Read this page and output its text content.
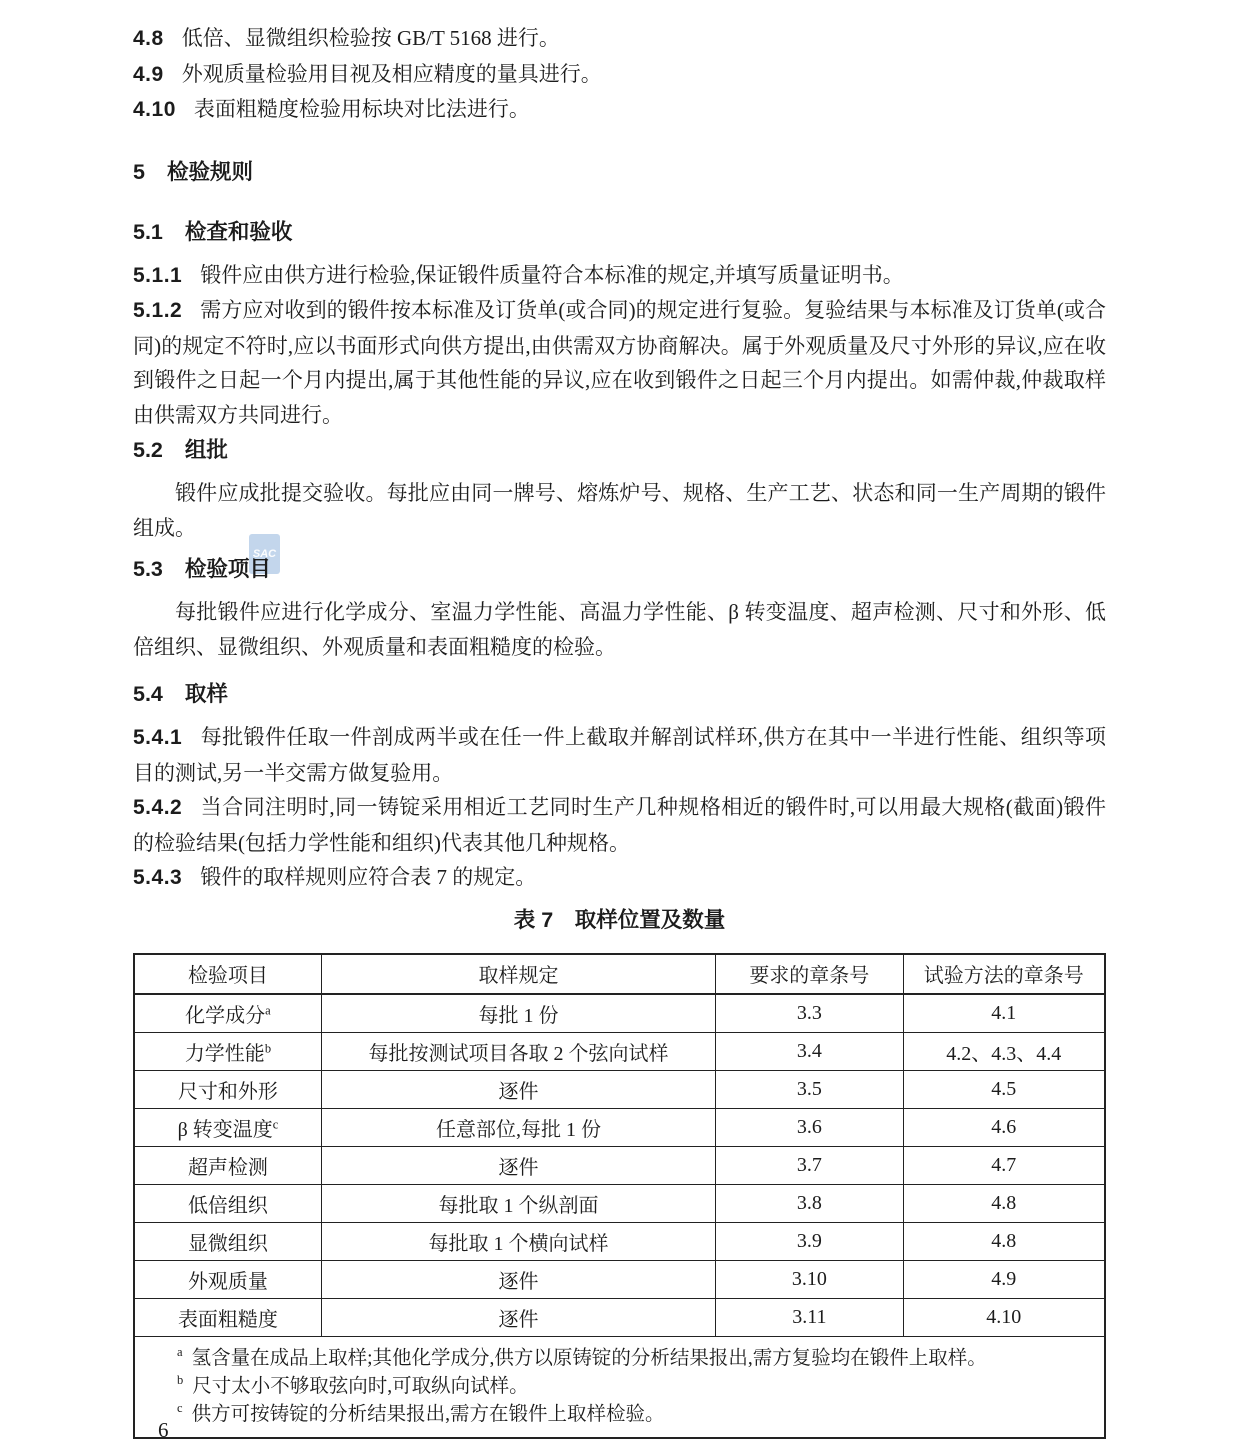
SAC

4.8 低倍、显微组织检验按 GB/T 5168 进行。

4.9 外观质量检验用目视及相应精度的量具进行。

4.10 表面粗糙度检验用标块对比法进行。

5 检验规则
5.1 检查和验收

5.1.1 锻件应由供方进行检验,保证锻件质量符合本标准的规定,并填写质量证明书。

5.1.2 需方应对收到的锻件按本标准及订货单(或合同)的规定进行复验。复验结果与本标准及订货单(或合同)的规定不符时,应以书面形式向供方提出,由供需双方协商解决。属于外观质量及尺寸外形的异议,应在收到锻件之日起一个月内提出,属于其他性能的异议,应在收到锻件之日起三个月内提出。如需仲裁,仲裁取样由供需双方共同进行。

5.2 组批

锻件应成批提交验收。每批应由同一牌号、熔炼炉号、规格、生产工艺、状态和同一生产周期的锻件组成。

5.3 检验项目

每批锻件应进行化学成分、室温力学性能、高温力学性能、β 转变温度、超声检测、尺寸和外形、低倍组织、显微组织、外观质量和表面粗糙度的检验。

5.4 取样

5.4.1 每批锻件任取一件剖成两半或在任一件上截取并解剖试样环,供方在其中一半进行性能、组织等项目的测试,另一半交需方做复验用。

5.4.2 当合同注明时,同一铸锭采用相近工艺同时生产几种规格相近的锻件时,可以用最大规格(截面)锻件的检验结果(包括力学性能和组织)代表其他几种规格。

5.4.3 锻件的取样规则应符合表 7 的规定。

表 7　取样位置及数量
检验项目	取样规定	要求的章条号	试验方法的章条号
化学成分$^a$	每批 1 份	3.3	4.1
力学性能$^b$	每批按测试项目各取 2 个弦向试样	3.4	4.2、4.3、4.4
尺寸和外形	逐件	3.5	4.5
β 转变温度$^c$	任意部位,每批 1 份	3.6	4.6
超声检测	逐件	3.7	4.7
低倍组织	每批取 1 个纵剖面	3.8	4.8
显微组织	每批取 1 个横向试样	3.9	4.8
外观质量	逐件	3.10	4.9
表面粗糙度	逐件	3.11	4.10

$^a$ 氢含量在成品上取样;其他化学成分,供方以原铸锭的分析结果报出,需方复验均在锻件上取样。

$^b$ 尺寸太小不够取弦向时,可取纵向试样。

$^c$ 供方可按铸锭的分析结果报出,需方在锻件上取样检验。			

6
